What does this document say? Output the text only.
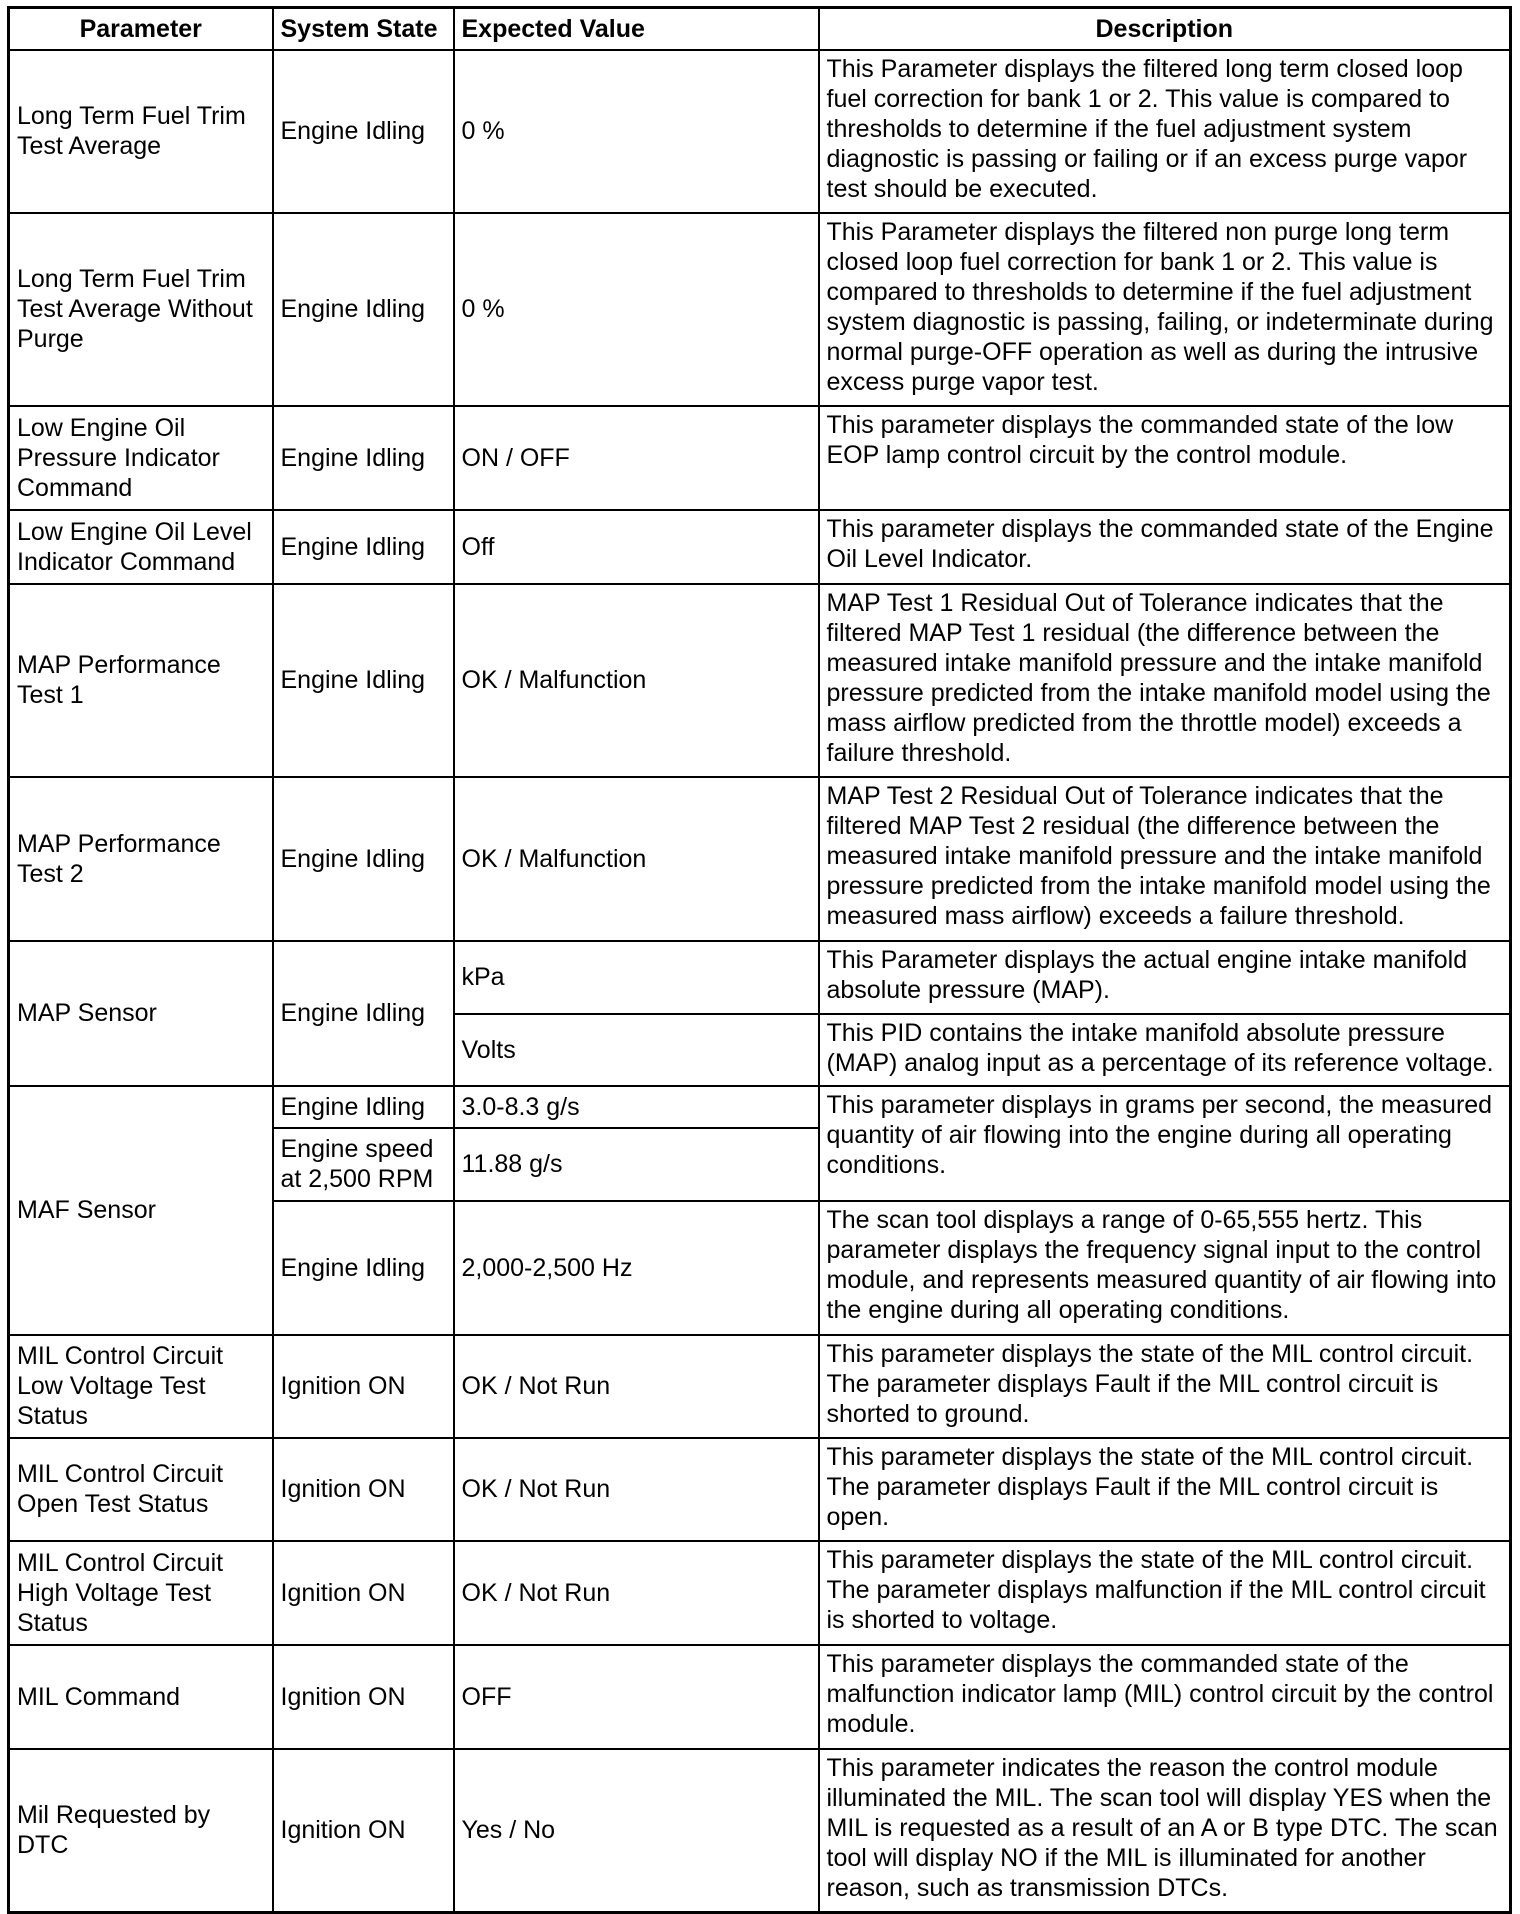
Parameter	System State	Expected Value	Description
Long Term Fuel Trim Test Average	Engine Idling	0 %	This Parameter displays the filtered long term closed loop fuel correction for bank 1 or 2. This value is compared to thresholds to determine if the fuel adjustment system diagnostic is passing or failing or if an excess purge vapor test should be executed.
Long Term Fuel Trim Test Average Without Purge	Engine Idling	0 %	This Parameter displays the filtered non purge long term closed loop fuel correction for bank 1 or 2. This value is compared to thresholds to determine if the fuel adjustment system diagnostic is passing, failing, or indeterminate during normal purge-OFF operation as well as during the intrusive excess purge vapor test.
Low Engine Oil Pressure Indicator Command	Engine Idling	ON / OFF	This parameter displays the commanded state of the low EOP lamp control circuit by the control module.
Low Engine Oil Level Indicator Command	Engine Idling	Off	This parameter displays the commanded state of the Engine Oil Level Indicator.
MAP Performance Test 1	Engine Idling	OK / Malfunction	MAP Test 1 Residual Out of Tolerance indicates that the filtered MAP Test 1 residual (the difference between the measured intake manifold pressure and the intake manifold pressure predicted from the intake manifold model using the mass airflow predicted from the throttle model) exceeds a failure threshold.
MAP Performance Test 2	Engine Idling	OK / Malfunction	MAP Test 2 Residual Out of Tolerance indicates that the filtered MAP Test 2 residual (the difference between the measured intake manifold pressure and the intake manifold pressure predicted from the intake manifold model using the measured mass airflow) exceeds a failure threshold.
MAP Sensor	Engine Idling	kPa	This Parameter displays the actual engine intake manifold absolute pressure (MAP).
		Volts	This PID contains the intake manifold absolute pressure (MAP) analog input as a percentage of its reference voltage.
MAF Sensor	Engine Idling	3.0-8.3 g/s	This parameter displays in grams per second, the measured quantity of air flowing into the engine during all operating conditions.
	Engine speed at 2,500 RPM	11.88 g/s	
	Engine Idling	2,000-2,500 Hz	The scan tool displays a range of 0-65,555 hertz. This parameter displays the frequency signal input to the control module, and represents measured quantity of air flowing into the engine during all operating conditions.
MIL Control Circuit Low Voltage Test Status	Ignition ON	OK / Not Run	This parameter displays the state of the MIL control circuit. The parameter displays Fault if the MIL control circuit is shorted to ground.
MIL Control Circuit Open Test Status	Ignition ON	OK / Not Run	This parameter displays the state of the MIL control circuit. The parameter displays Fault if the MIL control circuit is open.
MIL Control Circuit High Voltage Test Status	Ignition ON	OK / Not Run	This parameter displays the state of the MIL control circuit. The parameter displays malfunction if the MIL control circuit is shorted to voltage.
MIL Command	Ignition ON	OFF	This parameter displays the commanded state of the malfunction indicator lamp (MIL) control circuit by the control module.
Mil Requested by DTC	Ignition ON	Yes / No	This parameter indicates the reason the control module illuminated the MIL. The scan tool will display YES when the MIL is requested as a result of an A or B type DTC. The scan tool will display NO if the MIL is illuminated for another reason, such as transmission DTCs.
